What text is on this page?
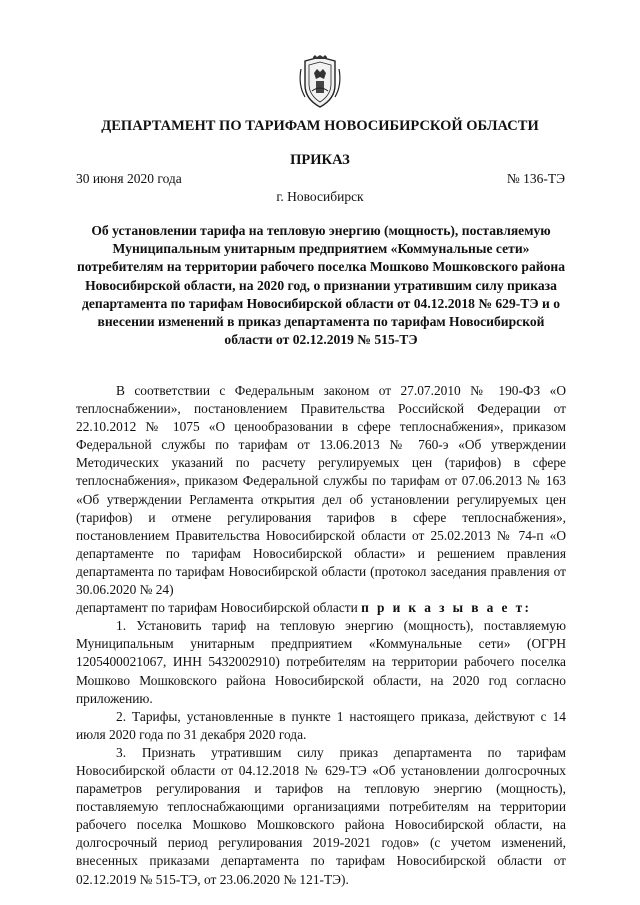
ДЕПАРТАМЕНТ ПО ТАРИФАМ НОВОСИБИРСКОЙ ОБЛАСТИ
ПРИКАЗ
30 июня 2020 года	№ 136-ТЭ
г. Новосибирск
Об установлении тарифа на тепловую энергию (мощность), поставляемую Муниципальным унитарным предприятием «Коммунальные сети» потребителям на территории рабочего поселка Мошково Мошковского района Новосибирской области, на 2020 год, о признании утратившим силу приказа департамента по тарифам Новосибирской области от 04.12.2018 № 629-ТЭ и о внесении изменений в приказ департамента по тарифам Новосибирской области от 02.12.2019 № 515-ТЭ

В соответствии с Федеральным законом от 27.07.2010 № 190-ФЗ «О теплоснабжении», постановлением Правительства Российской Федерации от 22.10.2012 № 1075 «О ценообразовании в сфере теплоснабжения», приказом Федеральной службы по тарифам от 13.06.2013 № 760-э «Об утверждении Методических указаний по расчету регулируемых цен (тарифов) в сфере теплоснабжения», приказом Федеральной службы по тарифам от 07.06.2013 № 163 «Об утверждении Регламента открытия дел об установлении регулируемых цен (тарифов) и отмене регулирования тарифов в сфере теплоснабжения», постановлением Правительства Новосибирской области от 25.02.2013 № 74-п «О департаменте по тарифам Новосибирской области» и решением правления департамента по тарифам Новосибирской области (протокол заседания правления от 30.06.2020 № 24)

департамент по тарифам Новосибирской области п р и к а з ы в а е т:

1. Установить тариф на тепловую энергию (мощность), поставляемую Муниципальным унитарным предприятием «Коммунальные сети» (ОГРН 1205400021067, ИНН 5432002910) потребителям на территории рабочего поселка Мошково Мошковского района Новосибирской области, на 2020 год согласно приложению.

2. Тарифы, установленные в пункте 1 настоящего приказа, действуют с 14 июля 2020 года по 31 декабря 2020 года.

3. Признать утратившим силу приказ департамента по тарифам Новосибирской области от 04.12.2018 № 629-ТЭ «Об установлении долгосрочных параметров регулирования и тарифов на тепловую энергию (мощность), поставляемую теплоснабжающими организациями потребителям на территории рабочего поселка Мошково Мошковского района Новосибирской области, на долгосрочный период регулирования 2019-2021 годов» (с учетом изменений, внесенных приказами департамента по тарифам Новосибирской области от 02.12.2019 № 515-ТЭ, от 23.06.2020 № 121-ТЭ).
